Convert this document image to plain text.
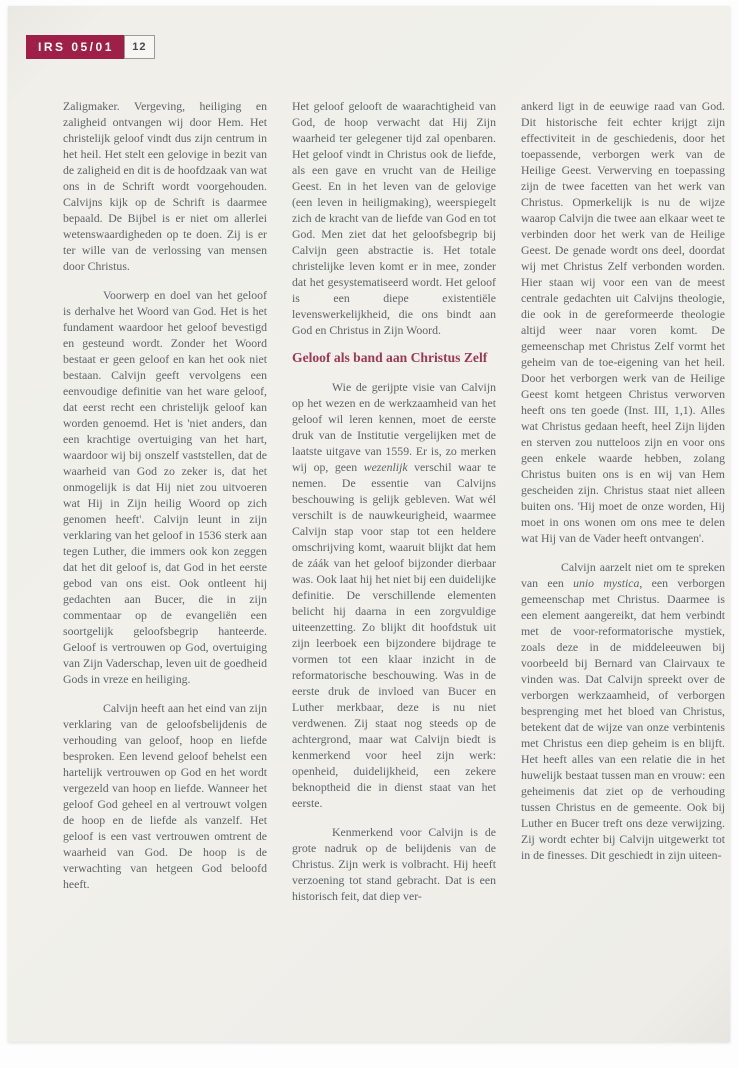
IRS 05/01	12

Zaligmaker. Vergeving, heiliging en zaligheid ontvangen wij door Hem. Het christelijk geloof vindt dus zijn centrum in het heil. Het stelt een gelovige in bezit van de zaligheid en dit is de hoofdzaak van wat ons in de Schrift wordt voorgehouden. Calvijns kijk op de Schrift is daarmee bepaald. De Bijbel is er niet om allerlei wetenswaardigheden op te doen. Zij is er ter wille van de verlossing van mensen door Christus.

Voorwerp en doel van het geloof is derhalve het Woord van God. Het is het fundament waardoor het geloof bevestigd en gesteund wordt. Zonder het Woord bestaat er geen geloof en kan het ook niet bestaan. Calvijn geeft vervolgens een eenvoudige definitie van het ware geloof, dat eerst recht een christelijk geloof kan worden genoemd. Het is 'niet anders, dan een krachtige overtuiging van het hart, waardoor wij bij onszelf vaststellen, dat de waarheid van God zo zeker is, dat het onmogelijk is dat Hij niet zou uitvoeren wat Hij in Zijn heilig Woord op zich genomen heeft'. Calvijn leunt in zijn verklaring van het geloof in 1536 sterk aan tegen Luther, die immers ook kon zeggen dat het dit geloof is, dat God in het eerste gebod van ons eist. Ook ontleent hij gedachten aan Bucer, die in zijn commentaar op de evangeliën een soortgelijk geloofsbegrip hanteerde. Geloof is vertrouwen op God, overtuiging van Zijn Vaderschap, leven uit de goedheid Gods in vreze en heiliging.

Calvijn heeft aan het eind van zijn verklaring van de geloofsbelijdenis de verhouding van geloof, hoop en liefde besproken. Een levend geloof behelst een hartelijk vertrouwen op God en het wordt vergezeld van hoop en liefde. Wanneer het geloof God geheel en al vertrouwt volgen de hoop en de liefde als vanzelf. Het geloof is een vast vertrouwen omtrent de waarheid van God. De hoop is de verwachting van hetgeen God beloofd heeft.

Het geloof gelooft de waarachtigheid van God, de hoop verwacht dat Hij Zijn waarheid ter gelegener tijd zal openbaren. Het geloof vindt in Christus ook de liefde, als een gave en vrucht van de Heilige Geest. En in het leven van de gelovige (een leven in heiligmaking), weerspiegelt zich de kracht van de liefde van God en tot God. Men ziet dat het geloofsbegrip bij Calvijn geen abstractie is. Het totale christelijke leven komt er in mee, zonder dat het gesystematiseerd wordt. Het geloof is een diepe existentiële levenswerkelijkheid, die ons bindt aan God en Christus in Zijn Woord.

Geloof als band aan Christus Zelf

Wie de gerijpte visie van Calvijn op het wezen en de werkzaamheid van het geloof wil leren kennen, moet de eerste druk van de Institutie vergelijken met de laatste uitgave van 1559. Er is, zo merken wij op, geen wezenlijk verschil waar te nemen. De essentie van Calvijns beschouwing is gelijk gebleven. Wat wél verschilt is de nauwkeurigheid, waarmee Calvijn stap voor stap tot een heldere omschrijving komt, waaruit blijkt dat hem de záák van het geloof bijzonder dierbaar was. Ook laat hij het niet bij een duidelijke definitie. De verschillende elementen belicht hij daarna in een zorgvuldige uiteenzetting. Zo blijkt dit hoofdstuk uit zijn leerboek een bijzondere bijdrage te vormen tot een klaar inzicht in de reformatorische beschouwing. Was in de eerste druk de invloed van Bucer en Luther merkbaar, deze is nu niet verdwenen. Zij staat nog steeds op de achtergrond, maar wat Calvijn biedt is kenmerkend voor heel zijn werk: openheid, duidelijkheid, een zekere beknoptheid die in dienst staat van het eerste.

Kenmerkend voor Calvijn is de grote nadruk op de belijdenis van de Christus. Zijn werk is volbracht. Hij heeft verzoening tot stand gebracht. Dat is een historisch feit, dat diep ver-

ankerd ligt in de eeuwige raad van God. Dit historische feit echter krijgt zijn effectiviteit in de geschiedenis, door het toepassende, verborgen werk van de Heilige Geest. Verwerving en toepassing zijn de twee facetten van het werk van Christus. Opmerkelijk is nu de wijze waarop Calvijn die twee aan elkaar weet te verbinden door het werk van de Heilige Geest. De genade wordt ons deel, doordat wij met Christus Zelf verbonden worden. Hier staan wij voor een van de meest centrale gedachten uit Calvijns theologie, die ook in de gereformeerde theologie altijd weer naar voren komt. De gemeenschap met Christus Zelf vormt het geheim van de toe-eigening van het heil. Door het verborgen werk van de Heilige Geest komt hetgeen Christus verworven heeft ons ten goede (Inst. III, 1,1). Alles wat Christus gedaan heeft, heel Zijn lijden en sterven zou nutteloos zijn en voor ons geen enkele waarde hebben, zolang Christus buiten ons is en wij van Hem gescheiden zijn. Christus staat niet alleen buiten ons. 'Hij moet de onze worden, Hij moet in ons wonen om ons mee te delen wat Hij van de Vader heeft ontvangen'.

Calvijn aarzelt niet om te spreken van een unio mystica, een verborgen gemeenschap met Christus. Daarmee is een element aangereikt, dat hem verbindt met de voor-reformatorische mystiek, zoals deze in de middeleeuwen bij voorbeeld bij Bernard van Clairvaux te vinden was. Dat Calvijn spreekt over de verborgen werkzaamheid, of verborgen besprenging met het bloed van Christus, betekent dat de wijze van onze verbintenis met Christus een diep geheim is en blijft. Het heeft alles van een relatie die in het huwelijk bestaat tussen man en vrouw: een geheimenis dat ziet op de verhouding tussen Christus en de gemeente. Ook bij Luther en Bucer treft ons deze verwijzing. Zij wordt echter bij Calvijn uitgewerkt tot in de finesses. Dit geschiedt in zijn uiteen-
